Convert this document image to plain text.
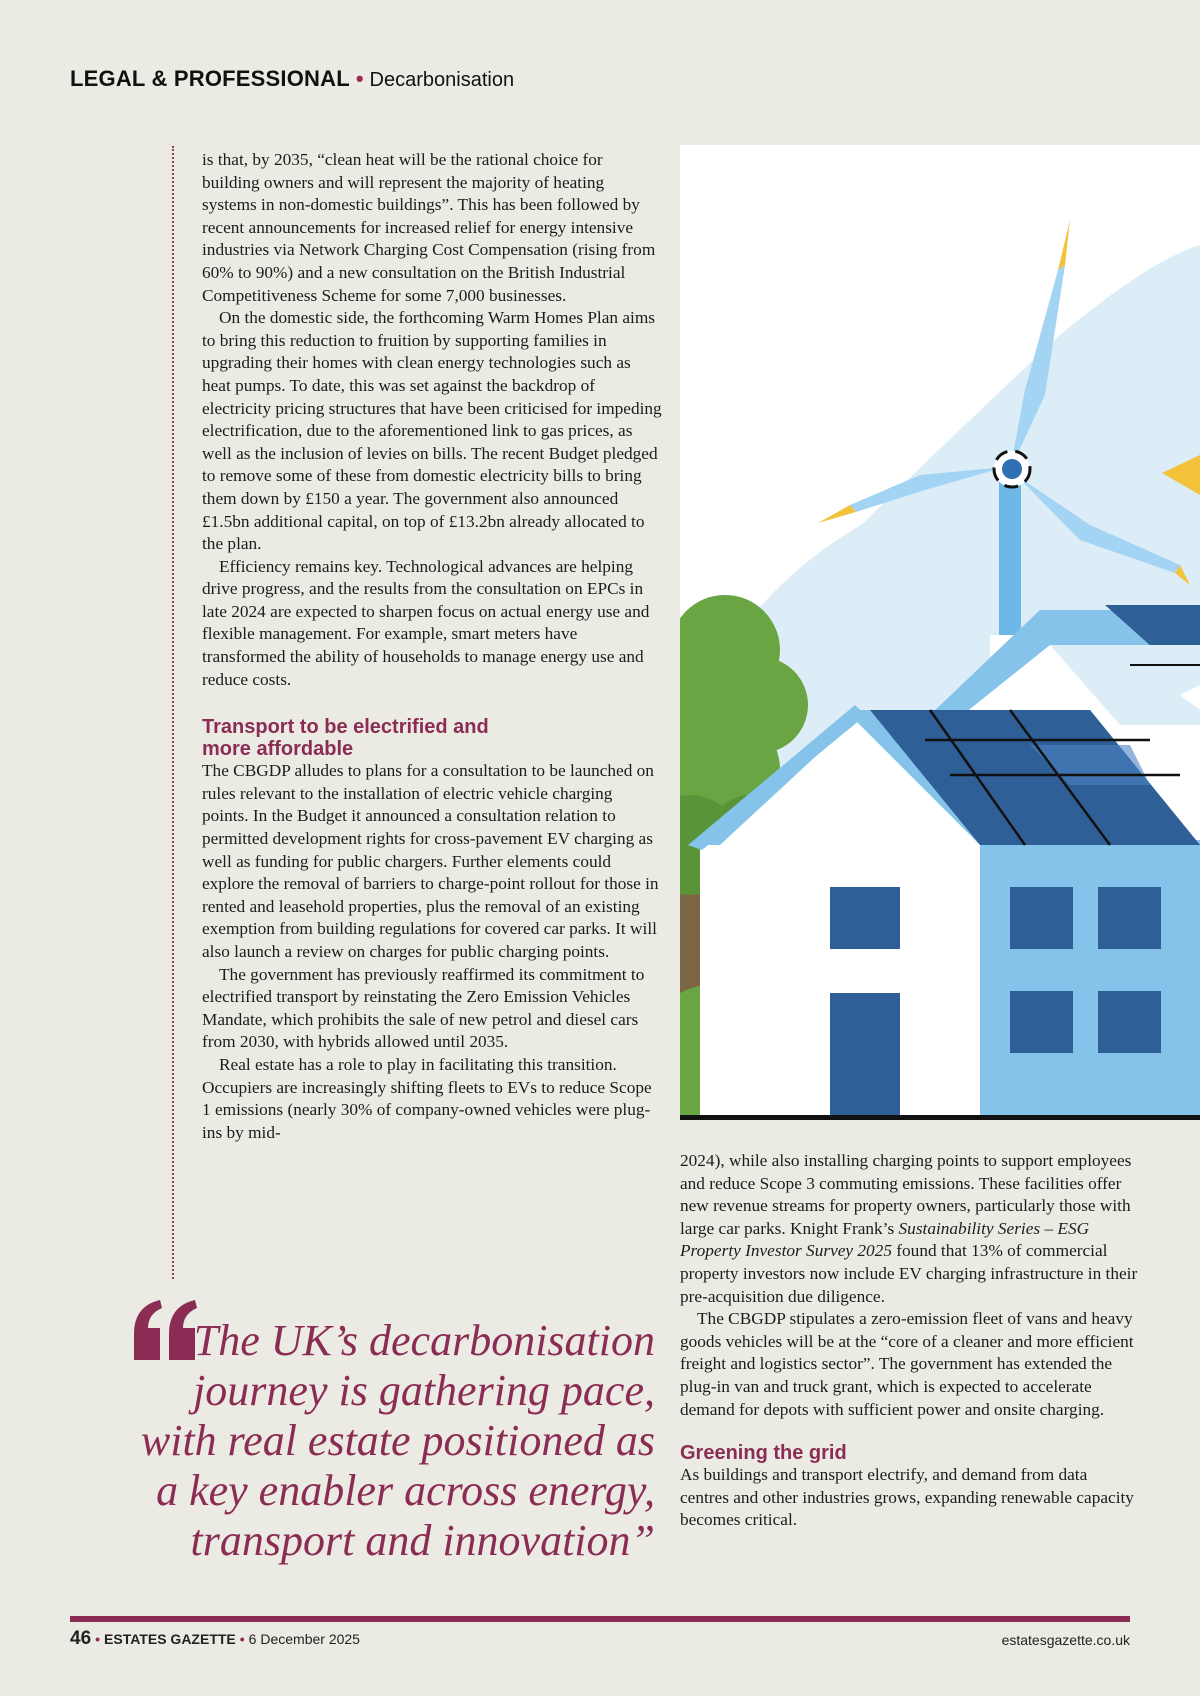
LEGAL & PROFESSIONAL • Decarbonisation

is that, by 2035, “clean heat will be the rational choice for building owners and will represent the majority of heating systems in non-domestic buildings”. This has been followed by recent announcements for increased relief for energy intensive industries via Network Charging Cost Compensation (rising from 60% to 90%) and a new consultation on the British Industrial Competitiveness Scheme for some 7,000 businesses.

On the domestic side, the forthcoming Warm Homes Plan aims to bring this reduction to fruition by supporting families in upgrading their homes with clean energy technologies such as heat pumps. To date, this was set against the backdrop of electricity pricing structures that have been criticised for impeding electrification, due to the aforementioned link to gas prices, as well as the inclusion of levies on bills. The recent Budget pledged to remove some of these from domestic electricity bills to bring them down by £150 a year. The government also announced £1.5bn additional capital, on top of £13.2bn already allocated to the plan.

Efficiency remains key. Technological advances are helping drive progress, and the results from the consultation on EPCs in late 2024 are expected to sharpen focus on actual energy use and flexible management. For example, smart meters have transformed the ability of households to manage energy use and reduce costs.

Transport to be electrified and
more affordable

The CBGDP alludes to plans for a consultation to be launched on rules relevant to the installation of electric vehicle charging points. In the Budget it announced a consultation relation to permitted development rights for cross-pavement EV charging as well as funding for public chargers. Further elements could explore the removal of barriers to charge-point rollout for those in rented and leasehold properties, plus the removal of an existing exemption from building regulations for covered car parks. It will also launch a review on charges for public charging points.

The government has previously reaffirmed its commitment to electrified transport by reinstating the Zero Emission Vehicles Mandate, which prohibits the sale of new petrol and diesel cars from 2030, with hybrids allowed until 2035.

Real estate has a role to play in facilitating this transition. Occupiers are increasingly shifting fleets to EVs to reduce Scope 1 emissions (nearly 30% of company-owned vehicles were plug-ins by mid-

2024), while also installing charging points to support employees and reduce Scope 3 commuting emissions. These facilities offer new revenue streams for property owners, particularly those with large car parks. Knight Frank’s Sustainability Series – ESG Property Investor Survey 2025 found that 13% of commercial property investors now include EV charging infrastructure in their pre-acquisition due diligence.

The CBGDP stipulates a zero-emission fleet of vans and heavy goods vehicles will be at the “core of a cleaner and more efficient freight and logistics sector”. The government has extended the plug-in van and truck grant, which is expected to accelerate demand for depots with sufficient power and onsite charging.

Greening the grid

As buildings and transport electrify, and demand from data centres and other industries grows, expanding renewable capacity becomes critical.

The UK’s decarbonisation
journey is gathering pace,
with real estate positioned as
a key enabler across energy,
transport and innovation”
46 • ESTATES GAZETTE • 6 December 2025	estatesgazette.co.uk
